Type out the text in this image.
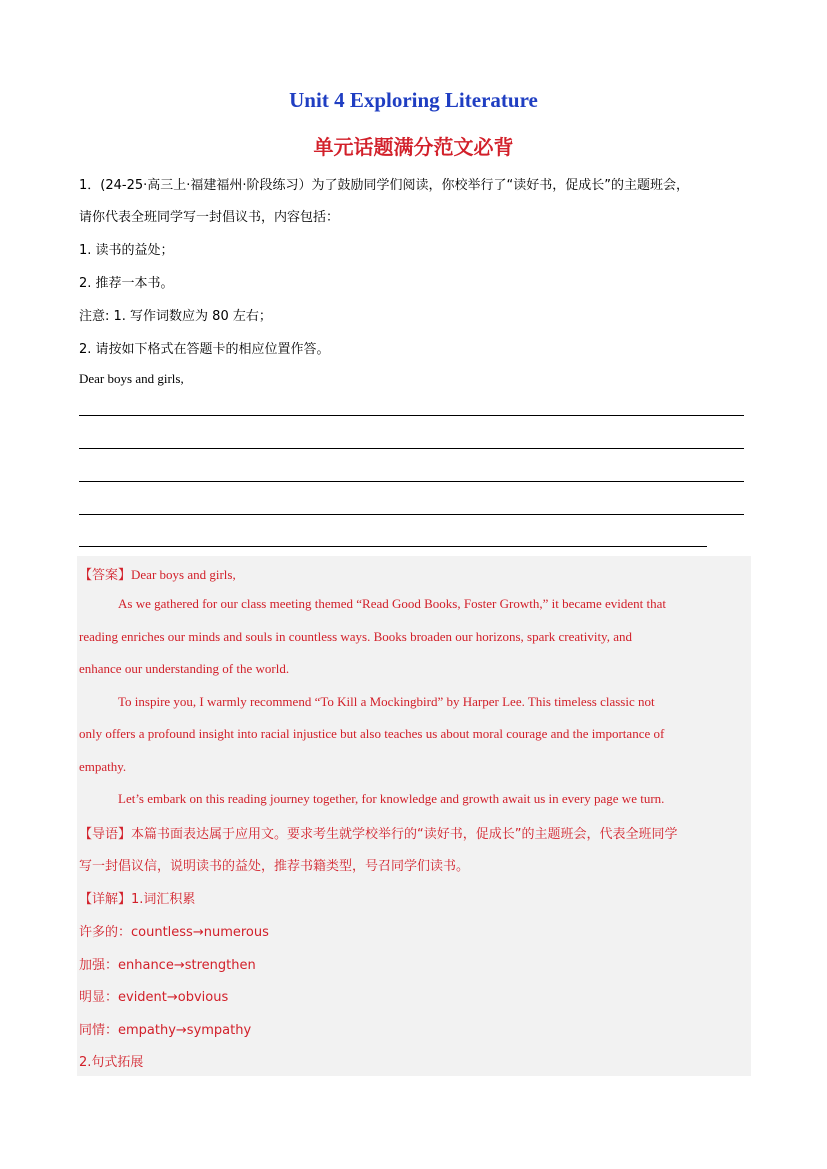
Unit 4 Exploring Literature
单元话题满分范文必背
1．(24-25·高三上·福建福州·阶段练习）为了鼓励同学们阅读，你校举行了“读好书，促成长”的主题班会，
请你代表全班同学写一封倡议书，内容包括：
1. 读书的益处；
2. 推荐一本书。
注意: 1. 写作词数应为 80 左右；
2. 请按如下格式在答题卡的相应位置作答。
Dear boys and girls,
【答案】Dear boys and girls,
As we gathered for our class meeting themed “Read Good Books, Foster Growth,” it became evident that
reading enriches our minds and souls in countless ways. Books broaden our horizons, spark creativity, and
enhance our understanding of the world.
To inspire you, I warmly recommend “To Kill a Mockingbird” by Harper Lee. This timeless classic not
only offers a profound insight into racial injustice but also teaches us about moral courage and the importance of
empathy.
Let’s embark on this reading journey together, for knowledge and growth await us in every page we turn.
【导语】本篇书面表达属于应用文。要求考生就学校举行的“读好书，促成长”的主题班会，代表全班同学
写一封倡议信，说明读书的益处，推荐书籍类型，号召同学们读书。
【详解】1.词汇积累
许多的：countless→numerous
加强：enhance→strengthen
明显：evident→obvious
同情：empathy→sympathy
2.句式拓展
